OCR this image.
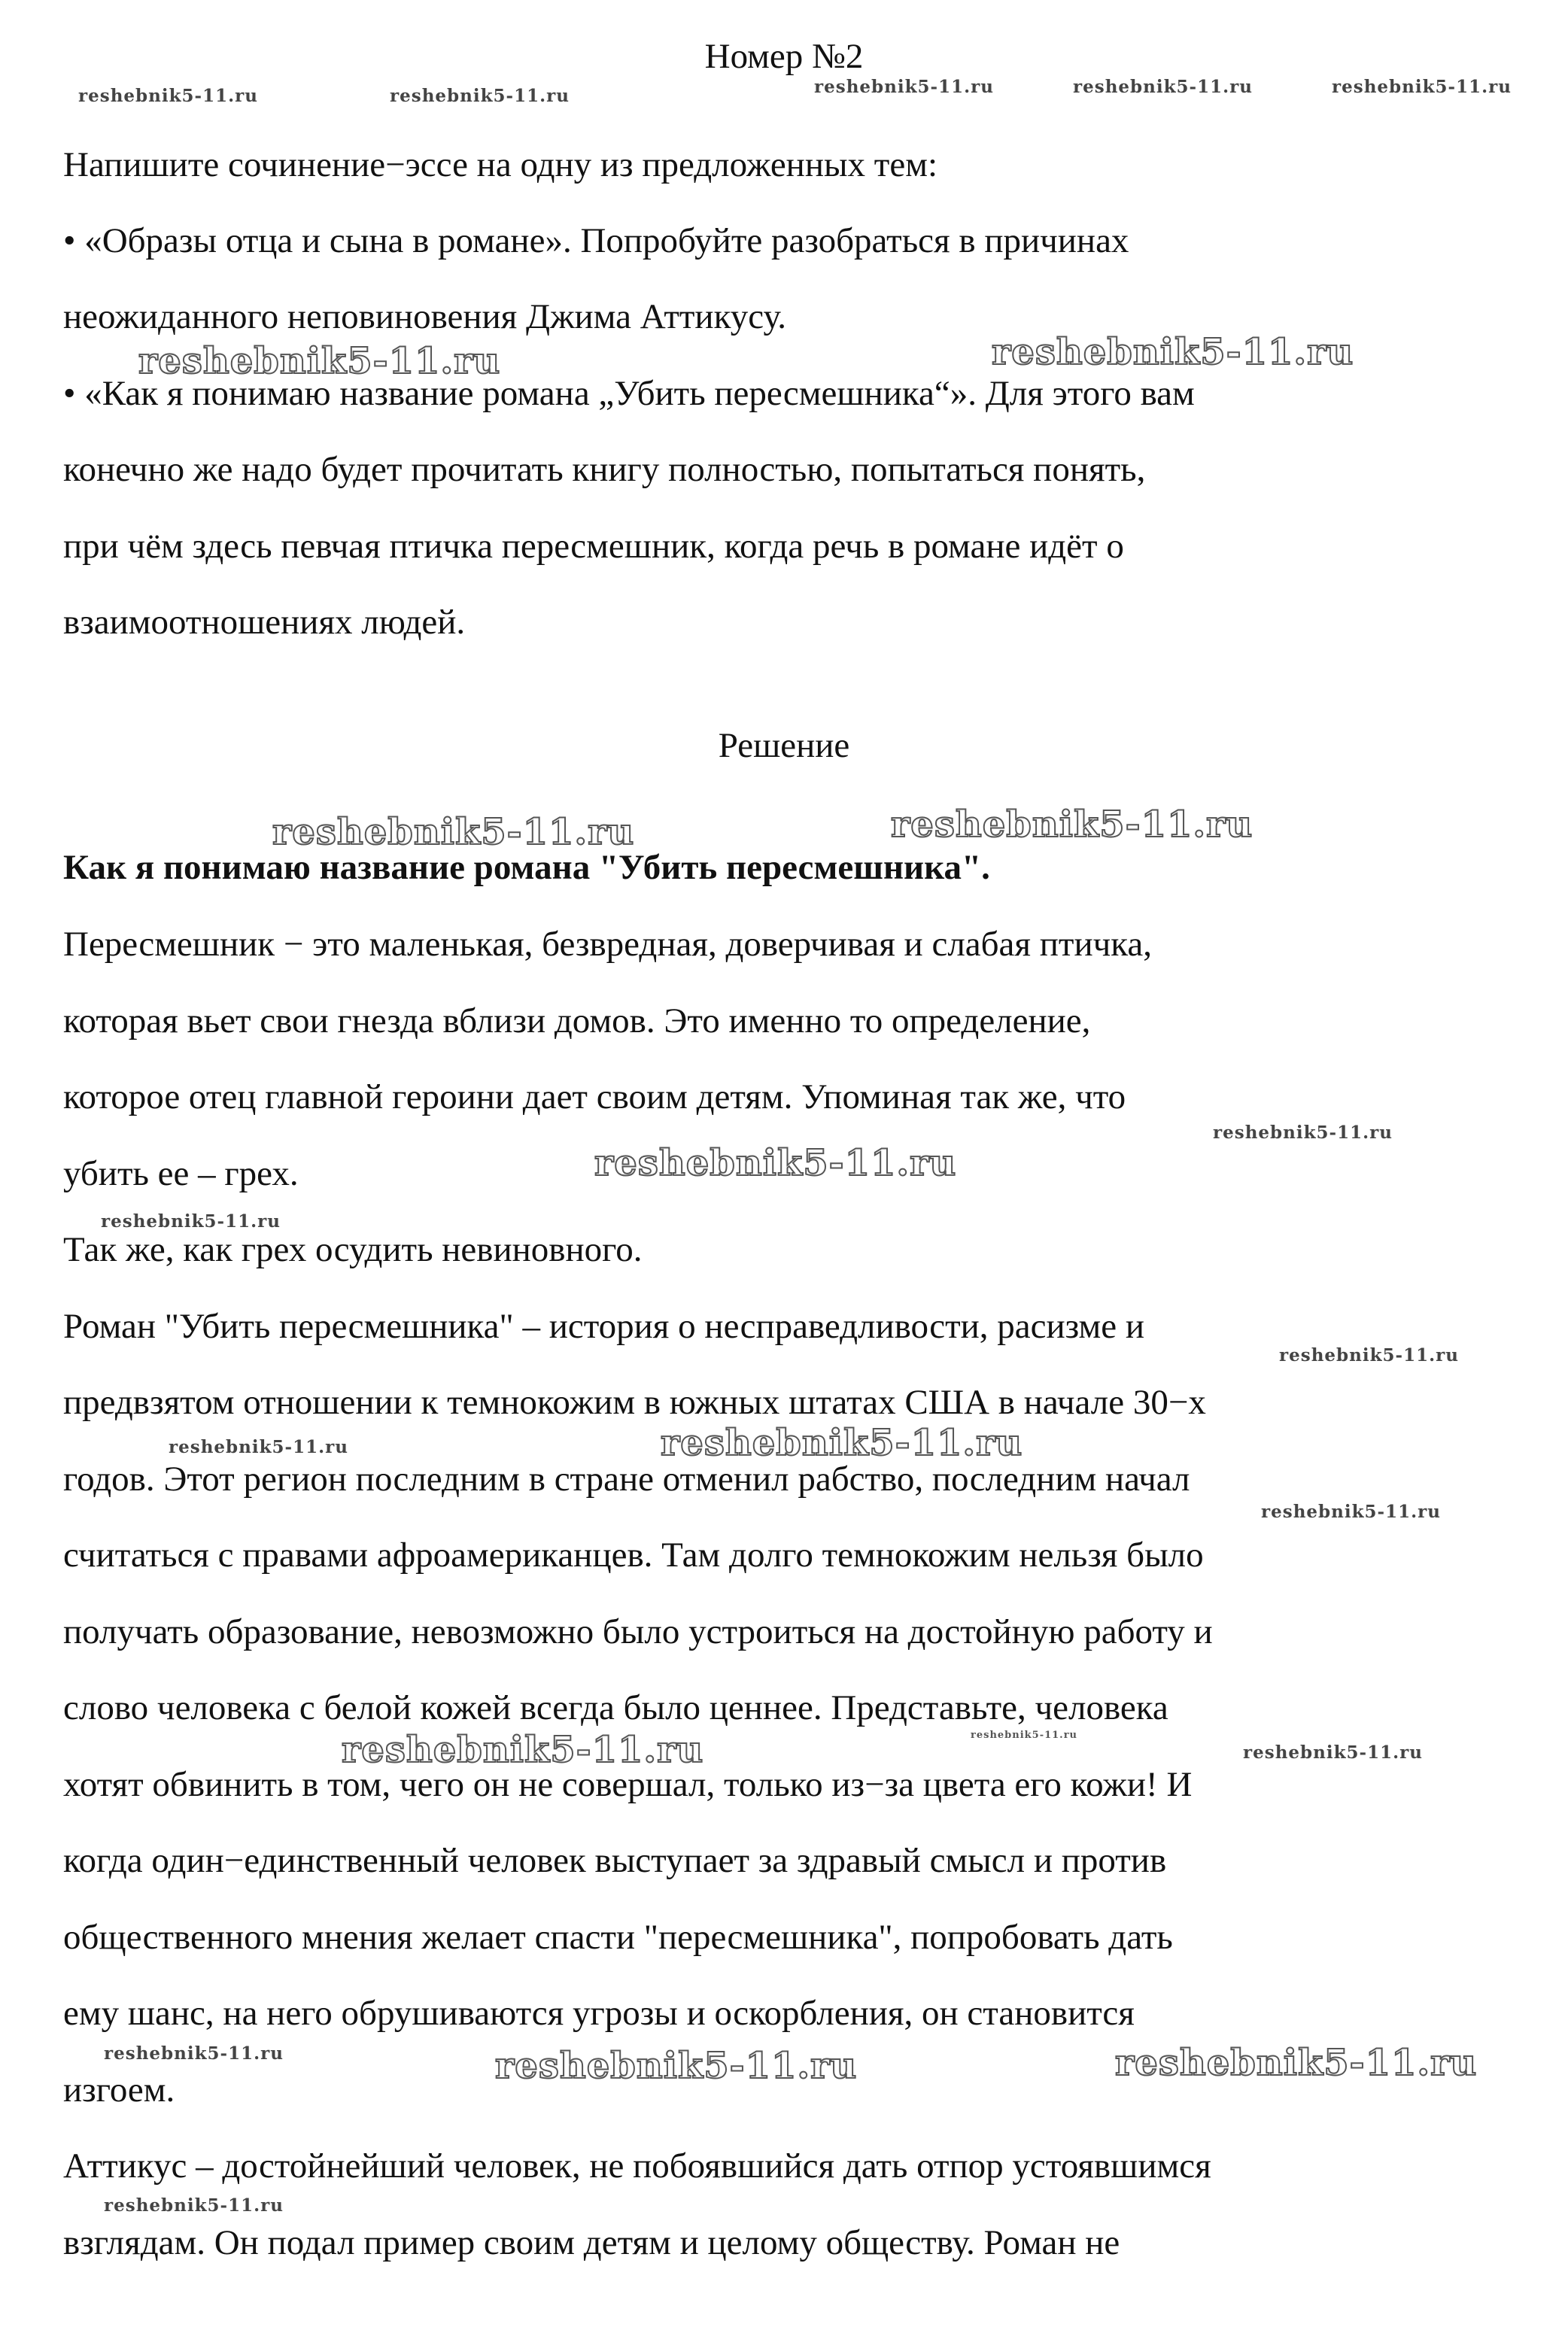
Номер №2
Напишите сочинение−эссе на одну из предложенных тем:
• «Образы отца и сына в романе». Попробуйте разобраться в причинах
неожиданного неповиновения Джима Аттикусу.
• «Как я понимаю название романа „Убить пересмешника“». Для этого вам
конечно же надо будет прочитать книгу полностью, попытаться понять,
при чём здесь певчая птичка пересмешник, когда речь в романе идёт о
взаимоотношениях людей.
Решение
Как я понимаю название романа "Убить пересмешника".
Пересмешник − это маленькая, безвредная, доверчивая и слабая птичка,
которая вьет свои гнезда вблизи домов. Это именно то определение,
которое отец главной героини дает своим детям. Упоминая так же, что
убить ее – грех.
Так же, как грех осудить невиновного.
Роман "Убить пересмешника" – история о несправедливости, расизме и
предвзятом отношении к темнокожим в южных штатах США в начале 30−х
годов. Этот регион последним в стране отменил рабство, последним начал
считаться с правами афроамериканцев. Там долго темнокожим нельзя было
получать образование, невозможно было устроиться на достойную работу и
слово человека с белой кожей всегда было ценнее. Представьте, человека
хотят обвинить в том, чего он не совершал, только из−за цвета его кожи! И
когда один−единственный человек выступает за здравый смысл и против
общественного мнения желает спасти "пересмешника", попробовать дать
ему шанс, на него обрушиваются угрозы и оскорбления, он становится
изгоем.
Аттикус – достойнейший человек, не побоявшийся дать отпор устоявшимся
взглядам. Он подал пример своим детям и целому обществу. Роман не
reshebnik5-11.ru	reshebnik5-11.ru	reshebnik5-11.ru	reshebnik5-11.ru	reshebnik5-11.ru
reshebnik5-11.ru	reshebnik5-11.ru
reshebnik5-11.ru	reshebnik5-11.ru
reshebnik5-11.ru
reshebnik5-11.ru
reshebnik5-11.ru
reshebnik5-11.ru
reshebnik5-11.ru	reshebnik5-11.ru
reshebnik5-11.ru
reshebnik5-11.ru
reshebnik5-11.ru	reshebnik5-11.ru
reshebnik5-11.ru	reshebnik5-11.ru	reshebnik5-11.ru
reshebnik5-11.ru
